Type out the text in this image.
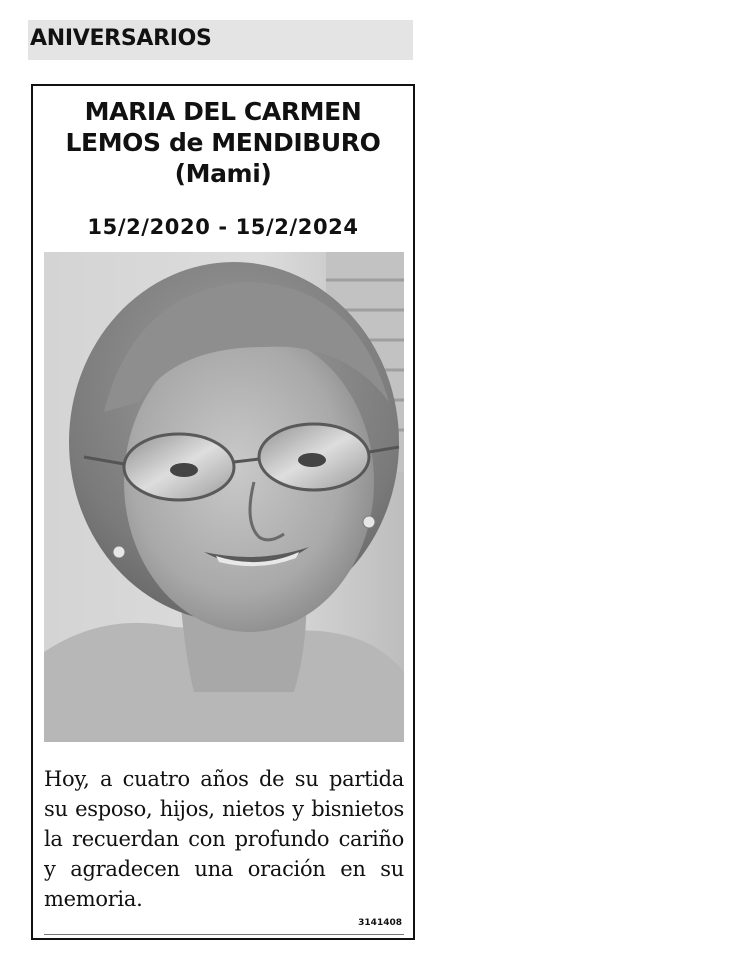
ANIVERSARIOS
MARIA DEL CARMEN
LEMOS de MENDIBURO
(Mami)
15/2/2020 - 15/2/2024
Hoy, a cuatro años de su partida su esposo, hijos, nietos y bisnietos la recuerdan con profundo cariño y agradecen una oración en su memoria.
3141408
